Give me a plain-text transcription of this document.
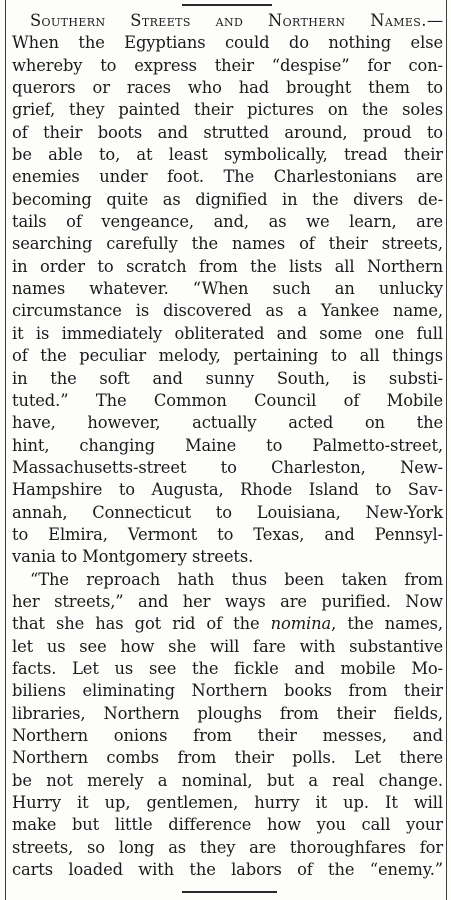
Southern Streets and Northern Names.—
When the Egyptians could do nothing else
whereby to express their “despise” for con-
querors or races who had brought them to
grief, they painted their pictures on the soles
of their boots and strutted around, proud to
be able to, at least symbolically, tread their
enemies under foot. The Charlestonians are
becoming quite as dignified in the divers de-
tails of vengeance, and, as we learn, are
searching carefully the names of their streets,
in order to scratch from the lists all Northern
names whatever. “When such an unlucky
circumstance is discovered as a Yankee name,
it is immediately obliterated and some one full
of the peculiar melody, pertaining to all things
in the soft and sunny South, is substi-
tuted.” The Common Council of Mobile
have, however, actually acted on the
hint, changing Maine to Palmetto-street,
Massachusetts-street to Charleston, New-
Hampshire to Augusta, Rhode Island to Sav-
annah, Connecticut to Louisiana, New-York
to Elmira, Vermont to Texas, and Pennsyl-
vania to Montgomery streets.
“The reproach hath thus been taken from
her streets,” and her ways are purified. Now
that she has got rid of the nomina, the names,
let us see how she will fare with substantive
facts. Let us see the fickle and mobile Mo-
biliens eliminating Northern books from their
libraries, Northern ploughs from their fields,
Northern onions from their messes, and
Northern combs from their polls. Let there
be not merely a nominal, but a real change.
Hurry it up, gentlemen, hurry it up. It will
make but little difference how you call your
streets, so long as they are thoroughfares for
carts loaded with the labors of the “enemy.”
